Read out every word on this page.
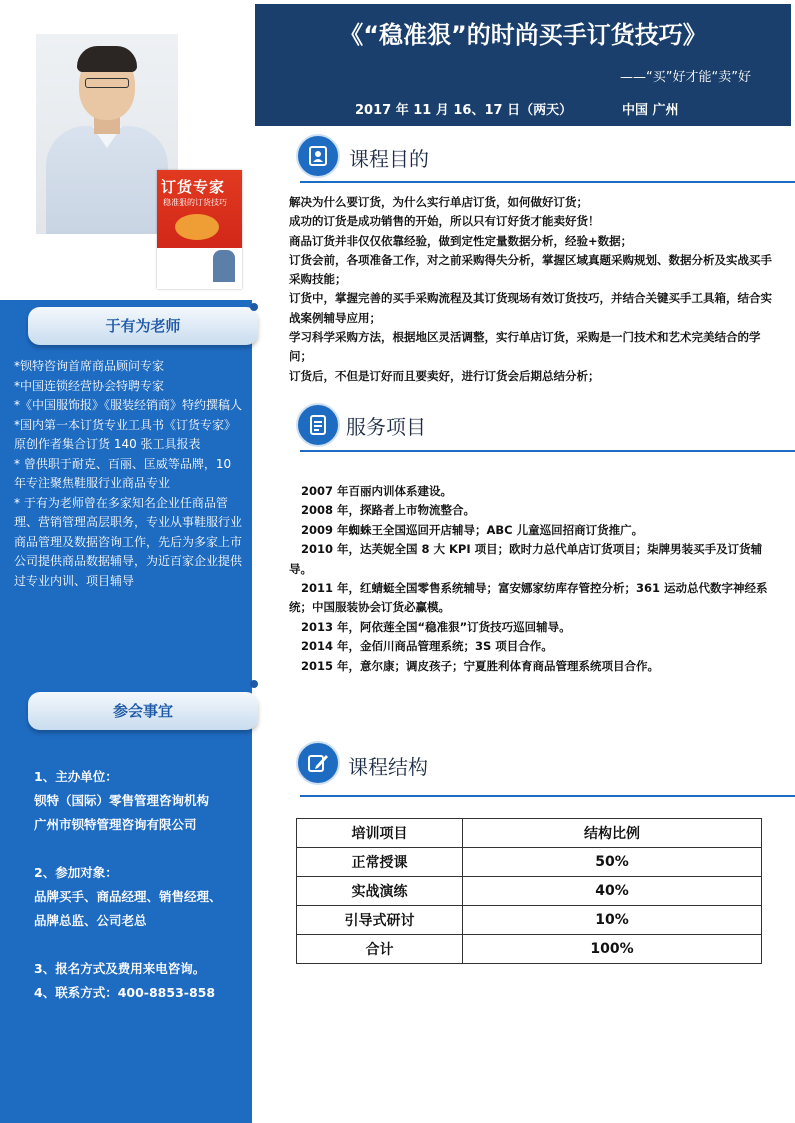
订货专家
稳准狠的订货技巧
于有为老师

*钡特咨询首席商品顾问专家

*中国连锁经营协会特聘专家

*《中国服饰报》《服装经销商》特约撰稿人

*国内第一本订货专业工具书《订货专家》原创作者集合订货 140 张工具报表

* 曾供职于耐克、百丽、匡威等品牌，10 年专注聚焦鞋服行业商品专业

* 于有为老师曾在多家知名企业任商品管理、营销管理高层职务，专业从事鞋服行业商品管理及数据咨询工作，先后为多家上市公司提供商品数据辅导，为近百家企业提供过专业内训、项目辅导

参会事宜

1、主办单位：

钡特（国际）零售管理咨询机构

广州市钡特管理咨询有限公司

2、参加对象：

品牌买手、商品经理、销售经理、

品牌总监、公司老总

3、报名方式及费用来电咨询。

4、联系方式：400-8853-858

《“稳准狠”的时尚买手订货技巧》
——“买”好才能“卖”好
2017 年 11 月 16、17 日（两天）	中国 广州
课程目的

解决为什么要订货，为什么实行单店订货，如何做好订货；

成功的订货是成功销售的开始，所以只有订好货才能卖好货！

商品订货并非仅仅依靠经验，做到定性定量数据分析，经验+数据；

订货会前，各项准备工作，对之前采购得失分析，掌握区域真题采购规划、数据分析及实战买手采购技能；

订货中，掌握完善的买手采购流程及其订货现场有效订货技巧，并结合关键买手工具箱，结合实战案例辅导应用；

学习科学采购方法，根据地区灵活调整，实行单店订货，采购是一门技术和艺术完美结合的学问；

订货后，不但是订好而且要卖好，进行订货会后期总结分析；

服务项目

2007 年百丽内训体系建设。

2008 年，探路者上市物流整合。

2009 年蜘蛛王全国巡回开店辅导；ABC 儿童巡回招商订货推广。

2010 年，达芙妮全国 8 大 KPI 项目；欧时力总代单店订货项目；柒牌男装买手及订货辅导。

2011 年，红蜻蜓全国零售系统辅导；富安娜家纺库存管控分析；361 运动总代数字神经系统；中国服装协会订货必赢模。

2013 年，阿依莲全国“稳准狠”订货技巧巡回辅导。

2014 年，金佰川商品管理系统；3S 项目合作。

2015 年，意尔康；调皮孩子；宁夏胜利体育商品管理系统项目合作。

课程结构
培训项目	结构比例
正常授课	50%
实战演练	40%
引导式研讨	10%
合计	100%
